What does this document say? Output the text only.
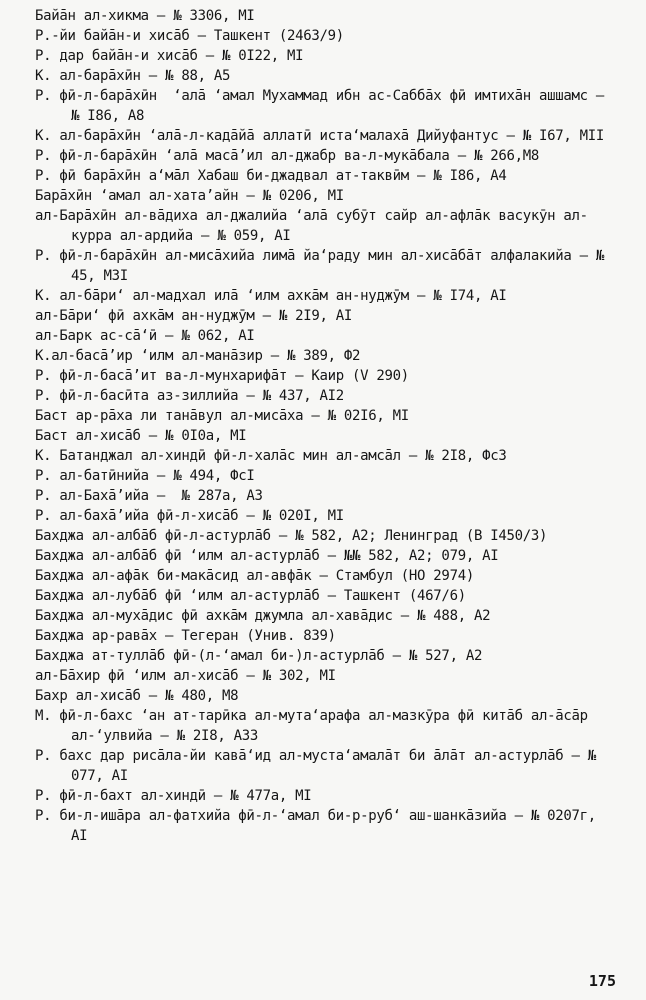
Байāн ал-хикма – № 3306, МI
Р.-йи байāн-и хисāб – Ташкент (2463/9)
Р. дар байāн-и хисāб – № 0I22, МI
К. ал-барāхӣн – № 88, А5
Р. фӣ-л-барāхӣн  ‘алā ‘амал Мухаммад ибн ас-Саббāх фӣ имтихāн ашшамс – № I86, А8
К. ал-барāхӣн ‘алā-л-кадāйā аллатӣ иста‘малахā Дийуфантус – № I67, МII
Р. фӣ-л-барāхӣн ‘алā масā’ил ал-джабр ва-л-мукāбала – № 266,М8
Р. фӣ барāхӣн а‘мāл Хабаш би-джадвал ат-таквӣм – № I86, А4
Барāхӣн ‘амал ал-хата’айн – № 0206, МI
ал-Барāхӣн ал-вāдиха ал-джалийа ‘алā субӯт сайр ал-афлāк васукӯн ал-курра ал-ардийа – № 059, АI
Р. фӣ-л-барāхӣн ал-мисāхийа лимā йа‘раду мин ал-хисāбāт алфалакийа – № 45, М3I
К. ал-бāри‘ ал-мадхал илā ‘илм ахкāм ан-нуджӯм – № I74, АI
ал-Бāри‘ фӣ ахкāм ан-нуджӯм – № 2I9, АI
ал-Барк ас-сā‘ӣ – № 062, АI
К.ал-басā’ир ‘илм ал-манāзир – № 389, Ф2
Р. фӣ-л-басā’ит ва-л-мунхарифāт – Каир (V 290)
Р. фӣ-л-басӣта аз-зиллийа – № 437, АI2
Баст ар-рāха ли танāвул ал-мисāха – № 02I6, МI
Баст ал-хисāб – № 0I0а, МI
К. Батанджал ал-хиндӣ фӣ-л-халāс мин ал-амсāл – № 2I8, ФсЗ
Р. ал-батӣнийа – № 494, ФсI
Р. ал-Бахā’ийа –  № 287а, А3
Р. ал-бахā’ийа фӣ-л-хисāб – № 020I, МI
Бахджа ал-албāб фӣ-л-астурлāб – № 582, А2; Ленинград (В I450/3)
Бахджа ал-албāб фӣ ‘илм ал-астурлāб – №№ 582, А2; 079, АI
Бахджа ал-афāк би-макāсид ал-авфāк – Стамбул (НО 2974)
Бахджа ал-лубāб фӣ ‘илм ал-астурлāб – Ташкент (467/6)
Бахджа ал-мухāдис фӣ ахкāм джумла ал-хавāдис – № 488, А2
Бахджа ар-равāх – Тегеран (Унив. 839)
Бахджа ат-туллāб фӣ-(л-‘амал би-)л-астурлāб – № 527, А2
ал-Бāхир фӣ ‘илм ал-хисāб – № 302, МI
Бахр ал-хисāб – № 480, М8
М. фӣ-л-бахс ‘ан ат-тарӣка ал-мута‘арафа ал-мазкӯра фӣ китāб ал-āсāр ал-‘улвийа – № 2I8, А33
Р. бахс дар рисāла-йи кавā‘ид ал-муста‘амалāт би āлāт ал-астурлāб – № 077, АI
Р. фӣ-л-бахт ал-хиндӣ – № 477а, МI
Р. би-л-ишāра ал-фатхийа фӣ-л-‘амал би-р-руб‘ аш-шанкāзийа – № 0207г, АI
175
